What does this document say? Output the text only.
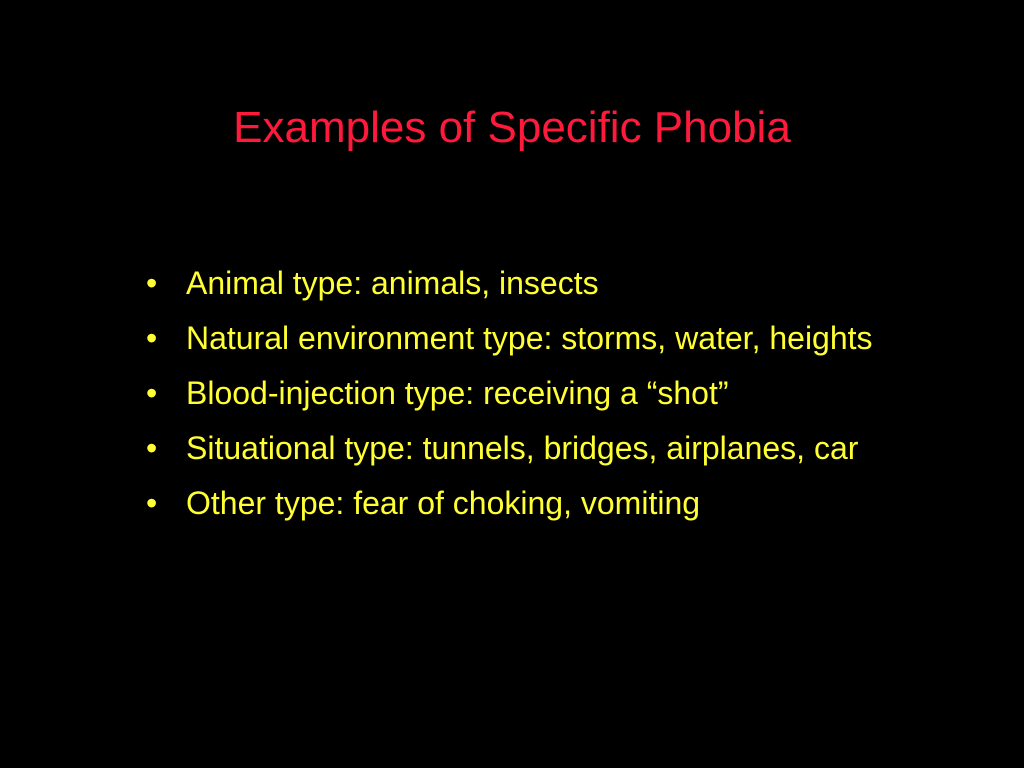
Examples of Specific Phobia
• Animal type: animals, insects
• Natural environment type: storms, water, heights
• Blood-injection type: receiving a “shot”
• Situational type: tunnels, bridges, airplanes, car
• Other type: fear of choking, vomiting
